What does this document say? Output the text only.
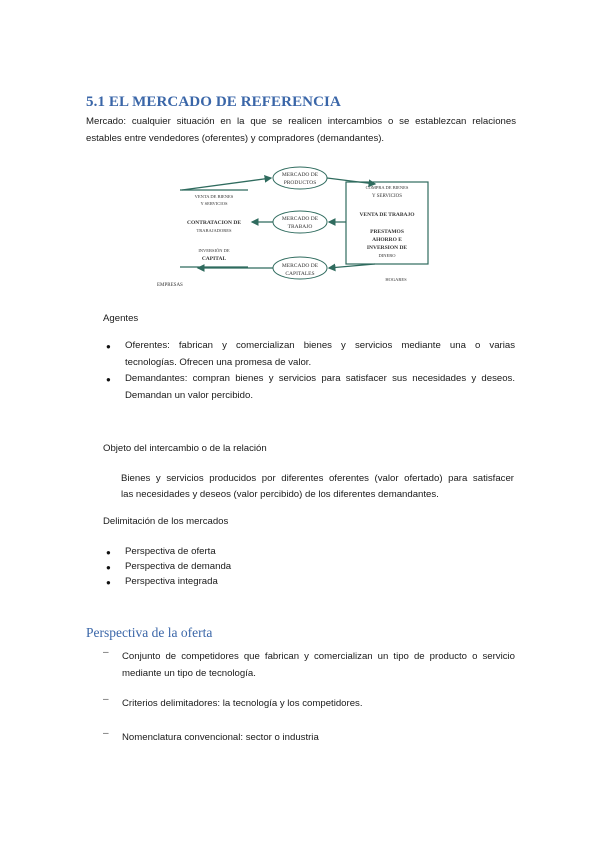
5.1 EL MERCADO DE REFERENCIA
Mercado: cualquier situación en la que se realicen intercambios o se establezcan relaciones
estables entre vendedores (oferentes) y compradores (demandantes).
MERCADO DE
PRODUCTOS
MERCADO DE
TRABAJO
MERCADO DE
CAPITALES
VENTA DE BIENES
Y SERVICIOS
CONTRATACION DE
TRABAJADORES
INVERSIÓN DE
CAPITAL
EMPRESAS
COMPRA DE BIENES
Y SERVICIOS
VENTA DE TRABAJO
PRESTAMOS
AHORRO E
INVERSION DE
DINERO
HOGARES
Agentes
● Oferentes: fabrican y comercializan bienes y servicios mediante una o varias
tecnologías. Ofrecen una promesa de valor.
● Demandantes: compran bienes y servicios para satisfacer sus necesidades y deseos.
Demandan un valor percibido.
Objeto del intercambio o de la relación
Bienes y servicios producidos por diferentes oferentes (valor ofertado) para satisfacer
las necesidades y deseos (valor percibido) de los diferentes demandantes.
Delimitación de los mercados
● Perspectiva de oferta
● Perspectiva de demanda
● Perspectiva integrada
Perspectiva de la oferta
– Conjunto de competidores que fabrican y comercializan un tipo de producto o servicio
mediante un tipo de tecnología.
– Criterios delimitadores: la tecnología y los competidores.
– Nomenclatura convencional: sector o industria
